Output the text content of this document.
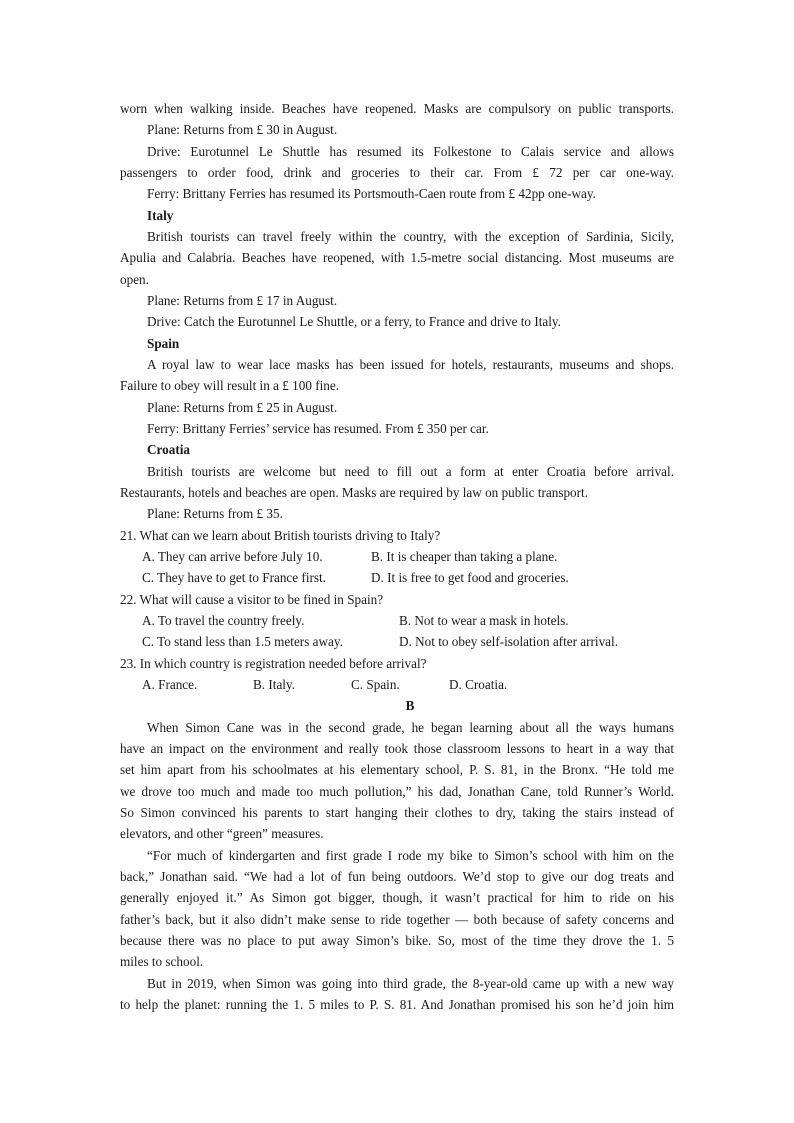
worn when walking inside. Beaches have reopened. Masks are compulsory on public transports.
Plane: Returns from £ 30 in August.
Drive: Eurotunnel Le Shuttle has resumed its Folkestone to Calais service and allows
passengers to order food, drink and groceries to their car. From £ 72 per car one-way.
Ferry: Brittany Ferries has resumed its Portsmouth-Caen route from £ 42pp one-way.
Italy
British tourists can travel freely within the country, with the exception of Sardinia, Sicily,
Apulia and Calabria. Beaches have reopened, with 1.5-metre social distancing. Most museums are
open.
Plane: Returns from £ 17 in August.
Drive: Catch the Eurotunnel Le Shuttle, or a ferry, to France and drive to Italy.
Spain
A royal law to wear lace masks has been issued for hotels, restaurants, museums and shops.
Failure to obey will result in a £ 100 fine.
Plane: Returns from £ 25 in August.
Ferry: Brittany Ferries’ service has resumed. From £ 350 per car.
Croatia
British tourists are welcome but need to fill out a form at enter Croatia before arrival.
Restaurants, hotels and beaches are open. Masks are required by law on public transport.
Plane: Returns from £ 35.
21. What can we learn about British tourists driving to Italy?
A. They can arrive before July 10.	B. It is cheaper than taking a plane.
C. They have to get to France first.	D. It is free to get food and groceries.
22. What will cause a visitor to be fined in Spain?
A. To travel the country freely.	B. Not to wear a mask in hotels.
C. To stand less than 1.5 meters away.	D. Not to obey self-isolation after arrival.
23. In which country is registration needed before arrival?
A. France.	B. Italy.	C. Spain.	D. Croatia.
B
When Simon Cane was in the second grade, he began learning about all the ways humans
have an impact on the environment and really took those classroom lessons to heart in a way that
set him apart from his schoolmates at his elementary school, P. S. 81, in the Bronx. “He told me
we drove too much and made too much pollution,” his dad, Jonathan Cane, told Runner’s World.
So Simon convinced his parents to start hanging their clothes to dry, taking the stairs instead of
elevators, and other “green” measures.
“For much of kindergarten and first grade I rode my bike to Simon’s school with him on the
back,” Jonathan said. “We had a lot of fun being outdoors. We’d stop to give our dog treats and
generally enjoyed it.” As Simon got bigger, though, it wasn’t practical for him to ride on his
father’s back, but it also didn’t make sense to ride together — both because of safety concerns and
because there was no place to put away Simon’s bike. So, most of the time they drove the 1. 5
miles to school.
But in 2019, when Simon was going into third grade, the 8-year-old came up with a new way
to help the planet: running the 1. 5 miles to P. S. 81. And Jonathan promised his son he’d join him
